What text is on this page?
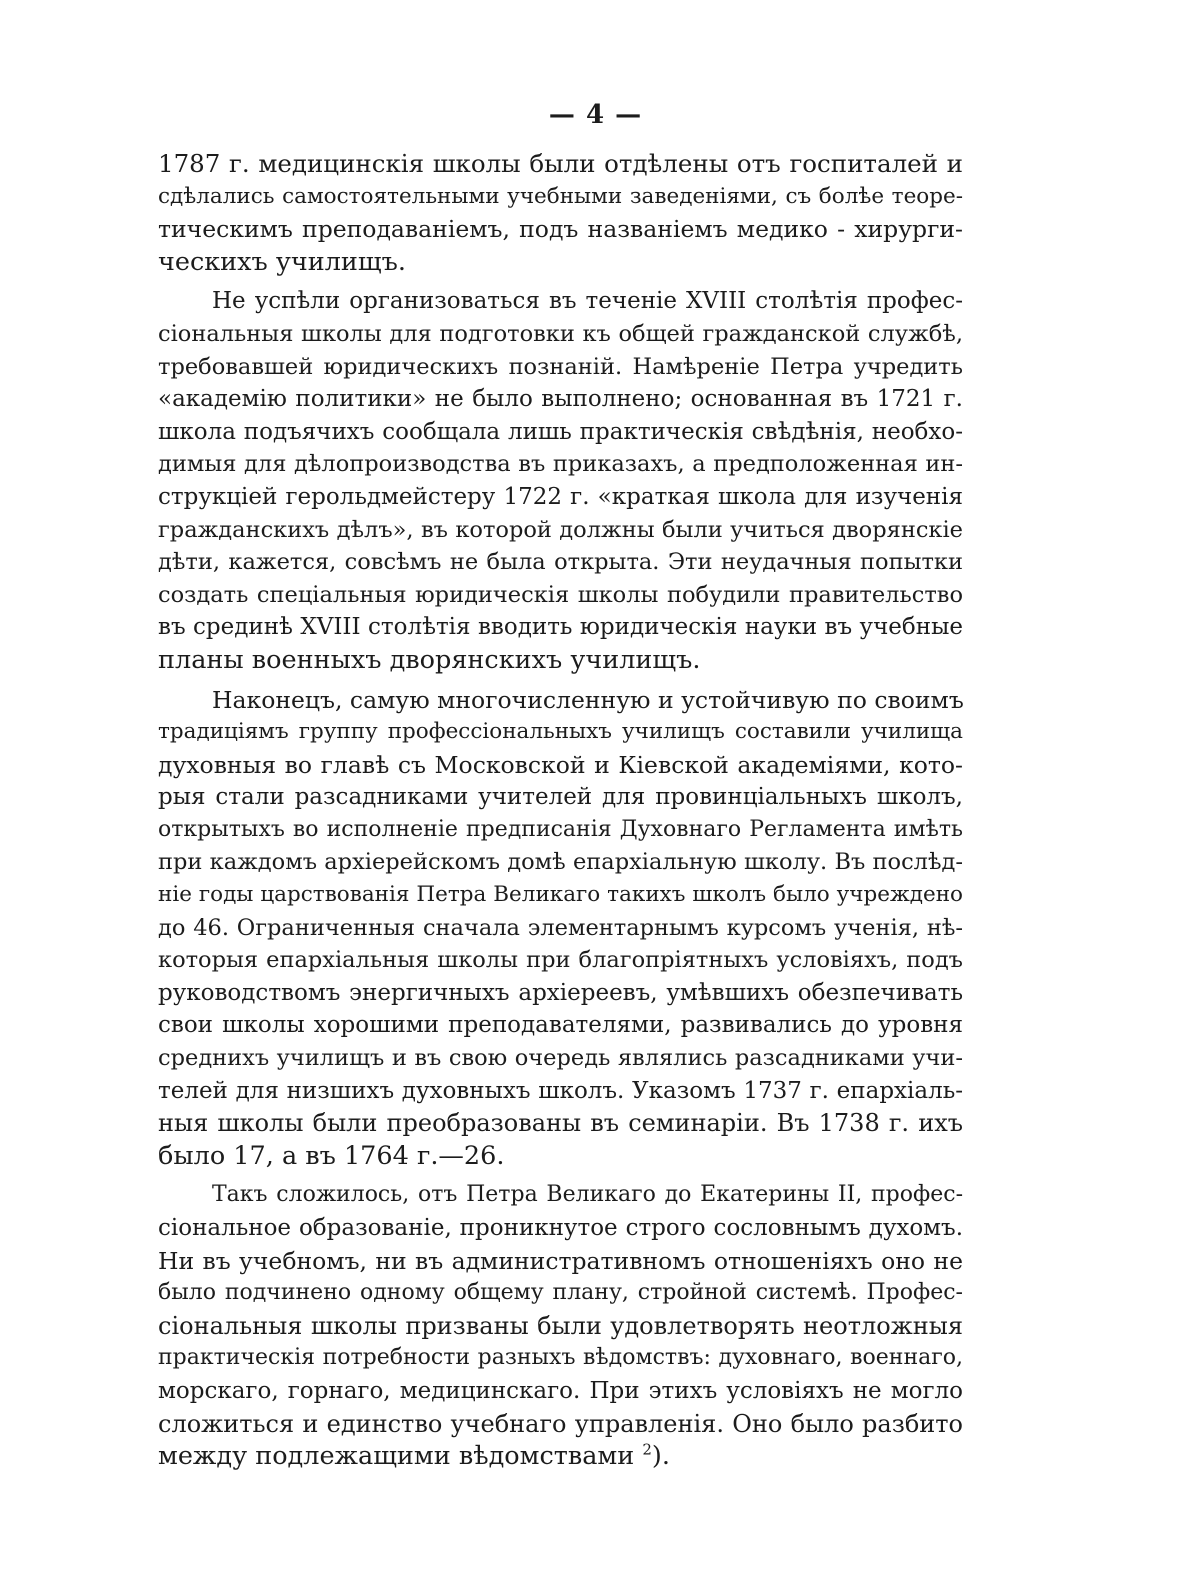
— 4 —

1787 г. медицинскія школы были отдѣлены отъ госпиталей и
сдѣлались самостоятельными учебными заведеніями, съ болѣе теоре-
тическимъ преподаваніемъ, подъ названіемъ медико - хирурги-
ческихъ училищъ.

Не успѣли организоваться въ теченіе XVIII столѣтія профес-
сіональныя школы для подготовки къ общей гражданской службѣ,
требовавшей юридическихъ познаній. Намѣреніе Петра учредить
«академію политики» не было выполнено; основанная въ 1721 г.
школа подъячихъ сообщала лишь практическія свѣдѣнія, необхо-
димыя для дѣлопроизводства въ приказахъ, а предположенная ин-
струкціей герольдмейстеру 1722 г. «краткая школа для изученія
гражданскихъ дѣлъ», въ которой должны были учиться дворянскіе
дѣти, кажется, совсѣмъ не была открыта. Эти неудачныя попытки
создать спеціальныя юридическія школы побудили правительство
въ срединѣ XVIII столѣтія вводить юридическія науки въ учебные
планы военныхъ дворянскихъ училищъ.

Наконецъ, самую многочисленную и устойчивую по своимъ
традиціямъ группу профессіональныхъ училищъ составили училища
духовныя во главѣ съ Московской и Кіевской академіями, кото-
рыя стали разсадниками учителей для провинціальныхъ школъ,
открытыхъ во исполненіе предписанія Духовнаго Регламента имѣть
при каждомъ архіерейскомъ домѣ епархіальную школу. Въ послѣд-
ніе годы царствованія Петра Великаго такихъ школъ было учреждено
до 46. Ограниченныя сначала элементарнымъ курсомъ ученія, нѣ-
которыя епархіальныя школы при благопріятныхъ условіяхъ, подъ
руководствомъ энергичныхъ архіереевъ, умѣвшихъ обезпечивать
свои школы хорошими преподавателями, развивались до уровня
среднихъ училищъ и въ свою очередь являлись разсадниками учи-
телей для низшихъ духовныхъ школъ. Указомъ 1737 г. епархіаль-
ныя школы были преобразованы въ семинаріи. Въ 1738 г. ихъ
было 17, а въ 1764 г.—26.

Такъ сложилось, отъ Петра Великаго до Екатерины II, профес-
сіональное образованіе, проникнутое строго сословнымъ духомъ.
Ни въ учебномъ, ни въ административномъ отношеніяхъ оно не
было подчинено одному общему плану, стройной системѣ. Профес-
сіональныя школы призваны были удовлетворять неотложныя
практическія потребности разныхъ вѣдомствъ: духовнаго, военнаго,
морскаго, горнаго, медицинскаго. При этихъ условіяхъ не могло
сложиться и единство учебнаго управленія. Оно было разбито
между подлежащими вѣдомствами $^2$).
